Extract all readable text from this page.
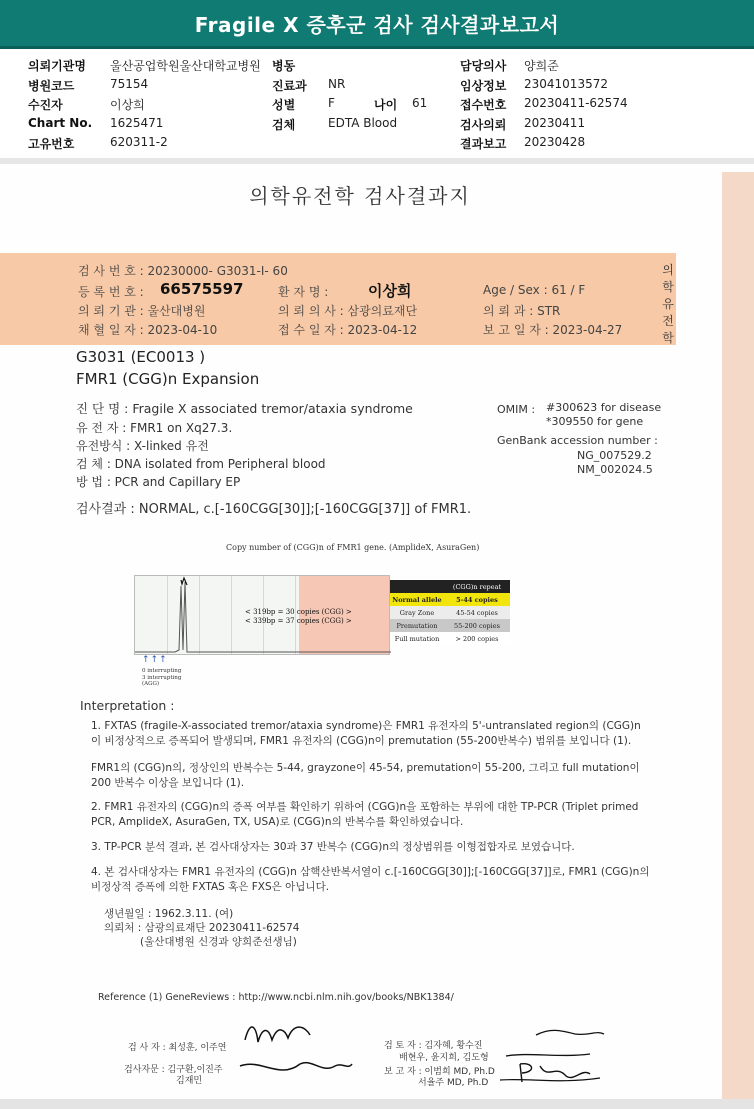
Fragile X 증후군 검사 검사결과보고서
의뢰기관명 울산공업학원울산대학교병원 병동	담당의사 양희준
병원코드	75154	진료과 NR	임상정보 23041013572
수진자	이상희	성별	F	나이 61	접수번호 20230411-62574
Chart No. 1625471	검체	EDTA Blood	검사의뢰 20230411
고유번호	620311-2	결과보고 20230428
의학유전학 검사결과지
의학유전학
검 사 번 호 : 20230000- G3031-I- 60
등 록 번 호 : 66575597	환 자 명 :	이상희	Age / Sex : 61 / F
의 뢰 기 관 : 울산대병원	의 뢰 의 사 : 삼광의료재단	의 뢰 과 : STR
채 혈 일 자 : 2023-04-10	접 수 일 자 : 2023-04-12	보 고 일 자 : 2023-04-27
G3031 (EC0013 )
FMR1 (CGG)n Expansion
진 단 명 : Fragile X associated tremor/ataxia syndrome
유 전 자 : FMR1 on Xq27.3.
유전방식 : X-linked 유전
검 체 : DNA isolated from Peripheral blood
방 법 : PCR and Capillary EP
OMIM : #300623 for disease
*309550 for gene
GenBank accession number :
NG_007529.2
NM_002024.5
검사결과 : NORMAL, c.[-160CGG[30]];[-160CGG[37]] of FMR1.
Copy number of (CGG)n of FMR1 gene. (AmplideX, AsuraGen)
< 319bp = 30 copies (CGG) >
< 339bp = 37 copies (CGG) >
(CGG)n repeat
Normal allele	5-44 copies
Gray Zone	45-54 copies
Premutation	55-200 copies
Full mutation	> 200 copies
↑↑↑
0 interrupting
3 interrupting
(AGG)
Interpretation :
1. FXTAS (fragile-X-associated tremor/ataxia syndrome)은 FMR1 유전자의 5'-untranslated region의 (CGG)n 이 비정상적으로 증폭되어 발생되며, FMR1 유전자의 (CGG)n이 premutation (55-200반복수) 범위를 보입니다 (1).
FMR1의 (CGG)n의, 정상인의 반복수는 5-44, grayzone이 45-54, premutation이 55-200, 그리고 full mutation이 200 반복수 이상을 보입니다 (1).
2. FMR1 유전자의 (CGG)n의 증폭 여부를 확인하기 위하여 (CGG)n을 포함하는 부위에 대한 TP-PCR (Triplet primed PCR, AmplideX, AsuraGen, TX, USA)로 (CGG)n의 반복수를 확인하였습니다.
3. TP-PCR 분석 결과, 본 검사대상자는 30과 37 반복수 (CGG)n의 정상범위를 이형접합자로 보였습니다.
4. 본 검사대상자는 FMR1 유전자의 (CGG)n 삼핵산반복서열이 c.[-160CGG[30]];[-160CGG[37]]로, FMR1 (CGG)n의 비정상적 증폭에 의한 FXTAS 혹은 FXS은 아닙니다.
생년월일 : 1962.3.11. (여)
의뢰처 : 삼광의료재단 20230411-62574
(울산대병원 신경과 양희준선생님)
Reference (1) GeneReviews : http://www.ncbi.nlm.nih.gov/books/NBK1384/
검 사 자 : 최성훈, 이주연
검사자문 : 김구환,이진주
김재민
검 토 자 : 김자혜, 황수진
배현우, 윤지희, 김도형
보 고 자 : 이범희 MD, Ph.D
서율주 MD, Ph.D
